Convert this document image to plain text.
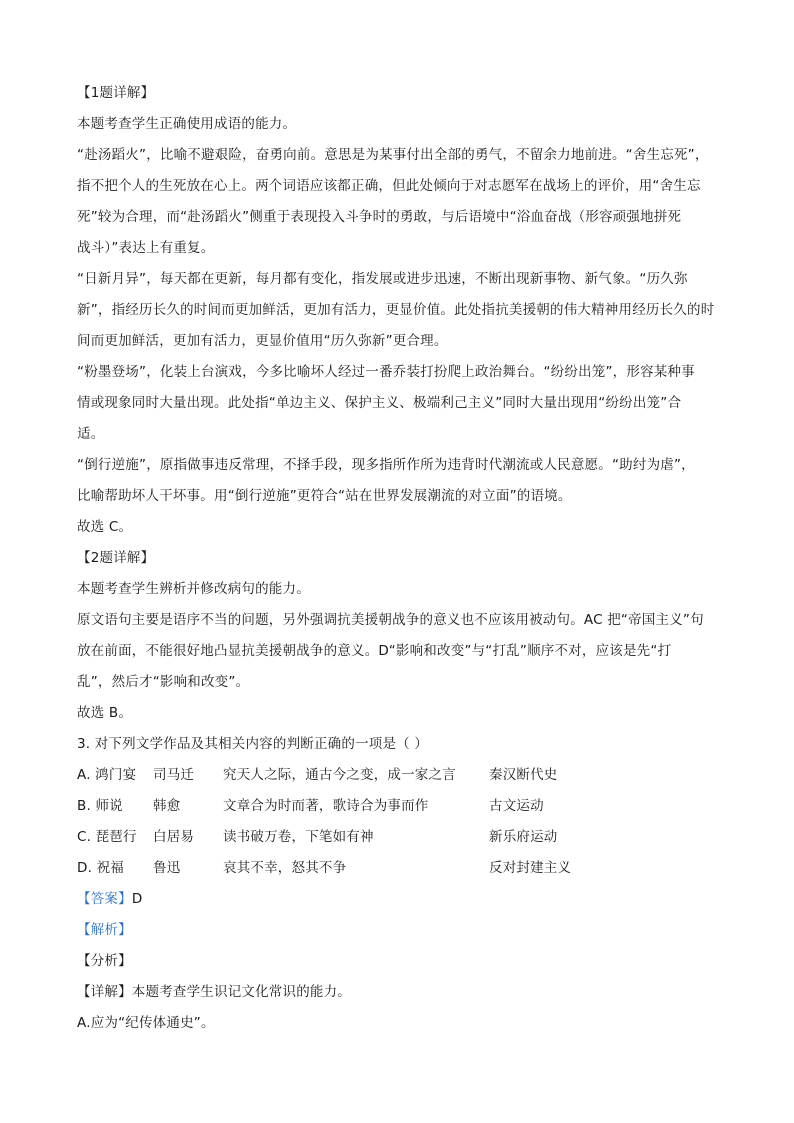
【1题详解】
本题考查学生正确使用成语的能力。
“赴汤蹈火”，比喻不避艰险，奋勇向前。意思是为某事付出全部的勇气，不留余力地前进。“舍生忘死”，
指不把个人的生死放在心上。两个词语应该都正确，但此处倾向于对志愿军在战场上的评价，用“舍生忘
死”较为合理，而“赴汤蹈火”侧重于表现投入斗争时的勇敢，与后语境中“浴血奋战（形容顽强地拼死
战斗）”表达上有重复。
“日新月异”，每天都在更新，每月都有变化，指发展或进步迅速，不断出现新事物、新气象。“历久弥
新”，指经历长久的时间而更加鲜活，更加有活力，更显价值。此处指抗美援朝的伟大精神用经历长久的时
间而更加鲜活，更加有活力，更显价值用“历久弥新”更合理。
“粉墨登场”，化装上台演戏，今多比喻坏人经过一番乔装打扮爬上政治舞台。“纷纷出笼”，形容某种事
情或现象同时大量出现。此处指“单边主义、保护主义、极端利己主义”同时大量出现用“纷纷出笼”合
适。
“倒行逆施”，原指做事违反常理，不择手段，现多指所作所为违背时代潮流或人民意愿。“助纣为虐”，
比喻帮助坏人干坏事。用“倒行逆施”更符合“站在世界发展潮流的对立面”的语境。
故选 C。
【2题详解】
本题考查学生辨析并修改病句的能力。
原文语句主要是语序不当的问题，另外强调抗美援朝战争的意义也不应该用被动句。AC 把“帝国主义”句
放在前面，不能很好地凸显抗美援朝战争的意义。D“影响和改变”与“打乱”顺序不对，应该是先“打
乱”，然后才“影响和改变”。
故选 B。
3. 对下列文学作品及其相关内容的判断正确的一项是（ ）
A. 鸿门宴 司马迁 究天人之际，通古今之变，成一家之言 秦汉断代史
B. 师说 韩愈	文章合为时而著，歌诗合为事而作	古文运动
C. 琵琶行 白居易 读书破万卷，下笔如有神	新乐府运动
D. 祝福 鲁迅	哀其不幸，怒其不争	反对封建主义
【答案】D
【解析】
【分析】
【详解】本题考查学生识记文化常识的能力。
A.应为“纪传体通史”。
